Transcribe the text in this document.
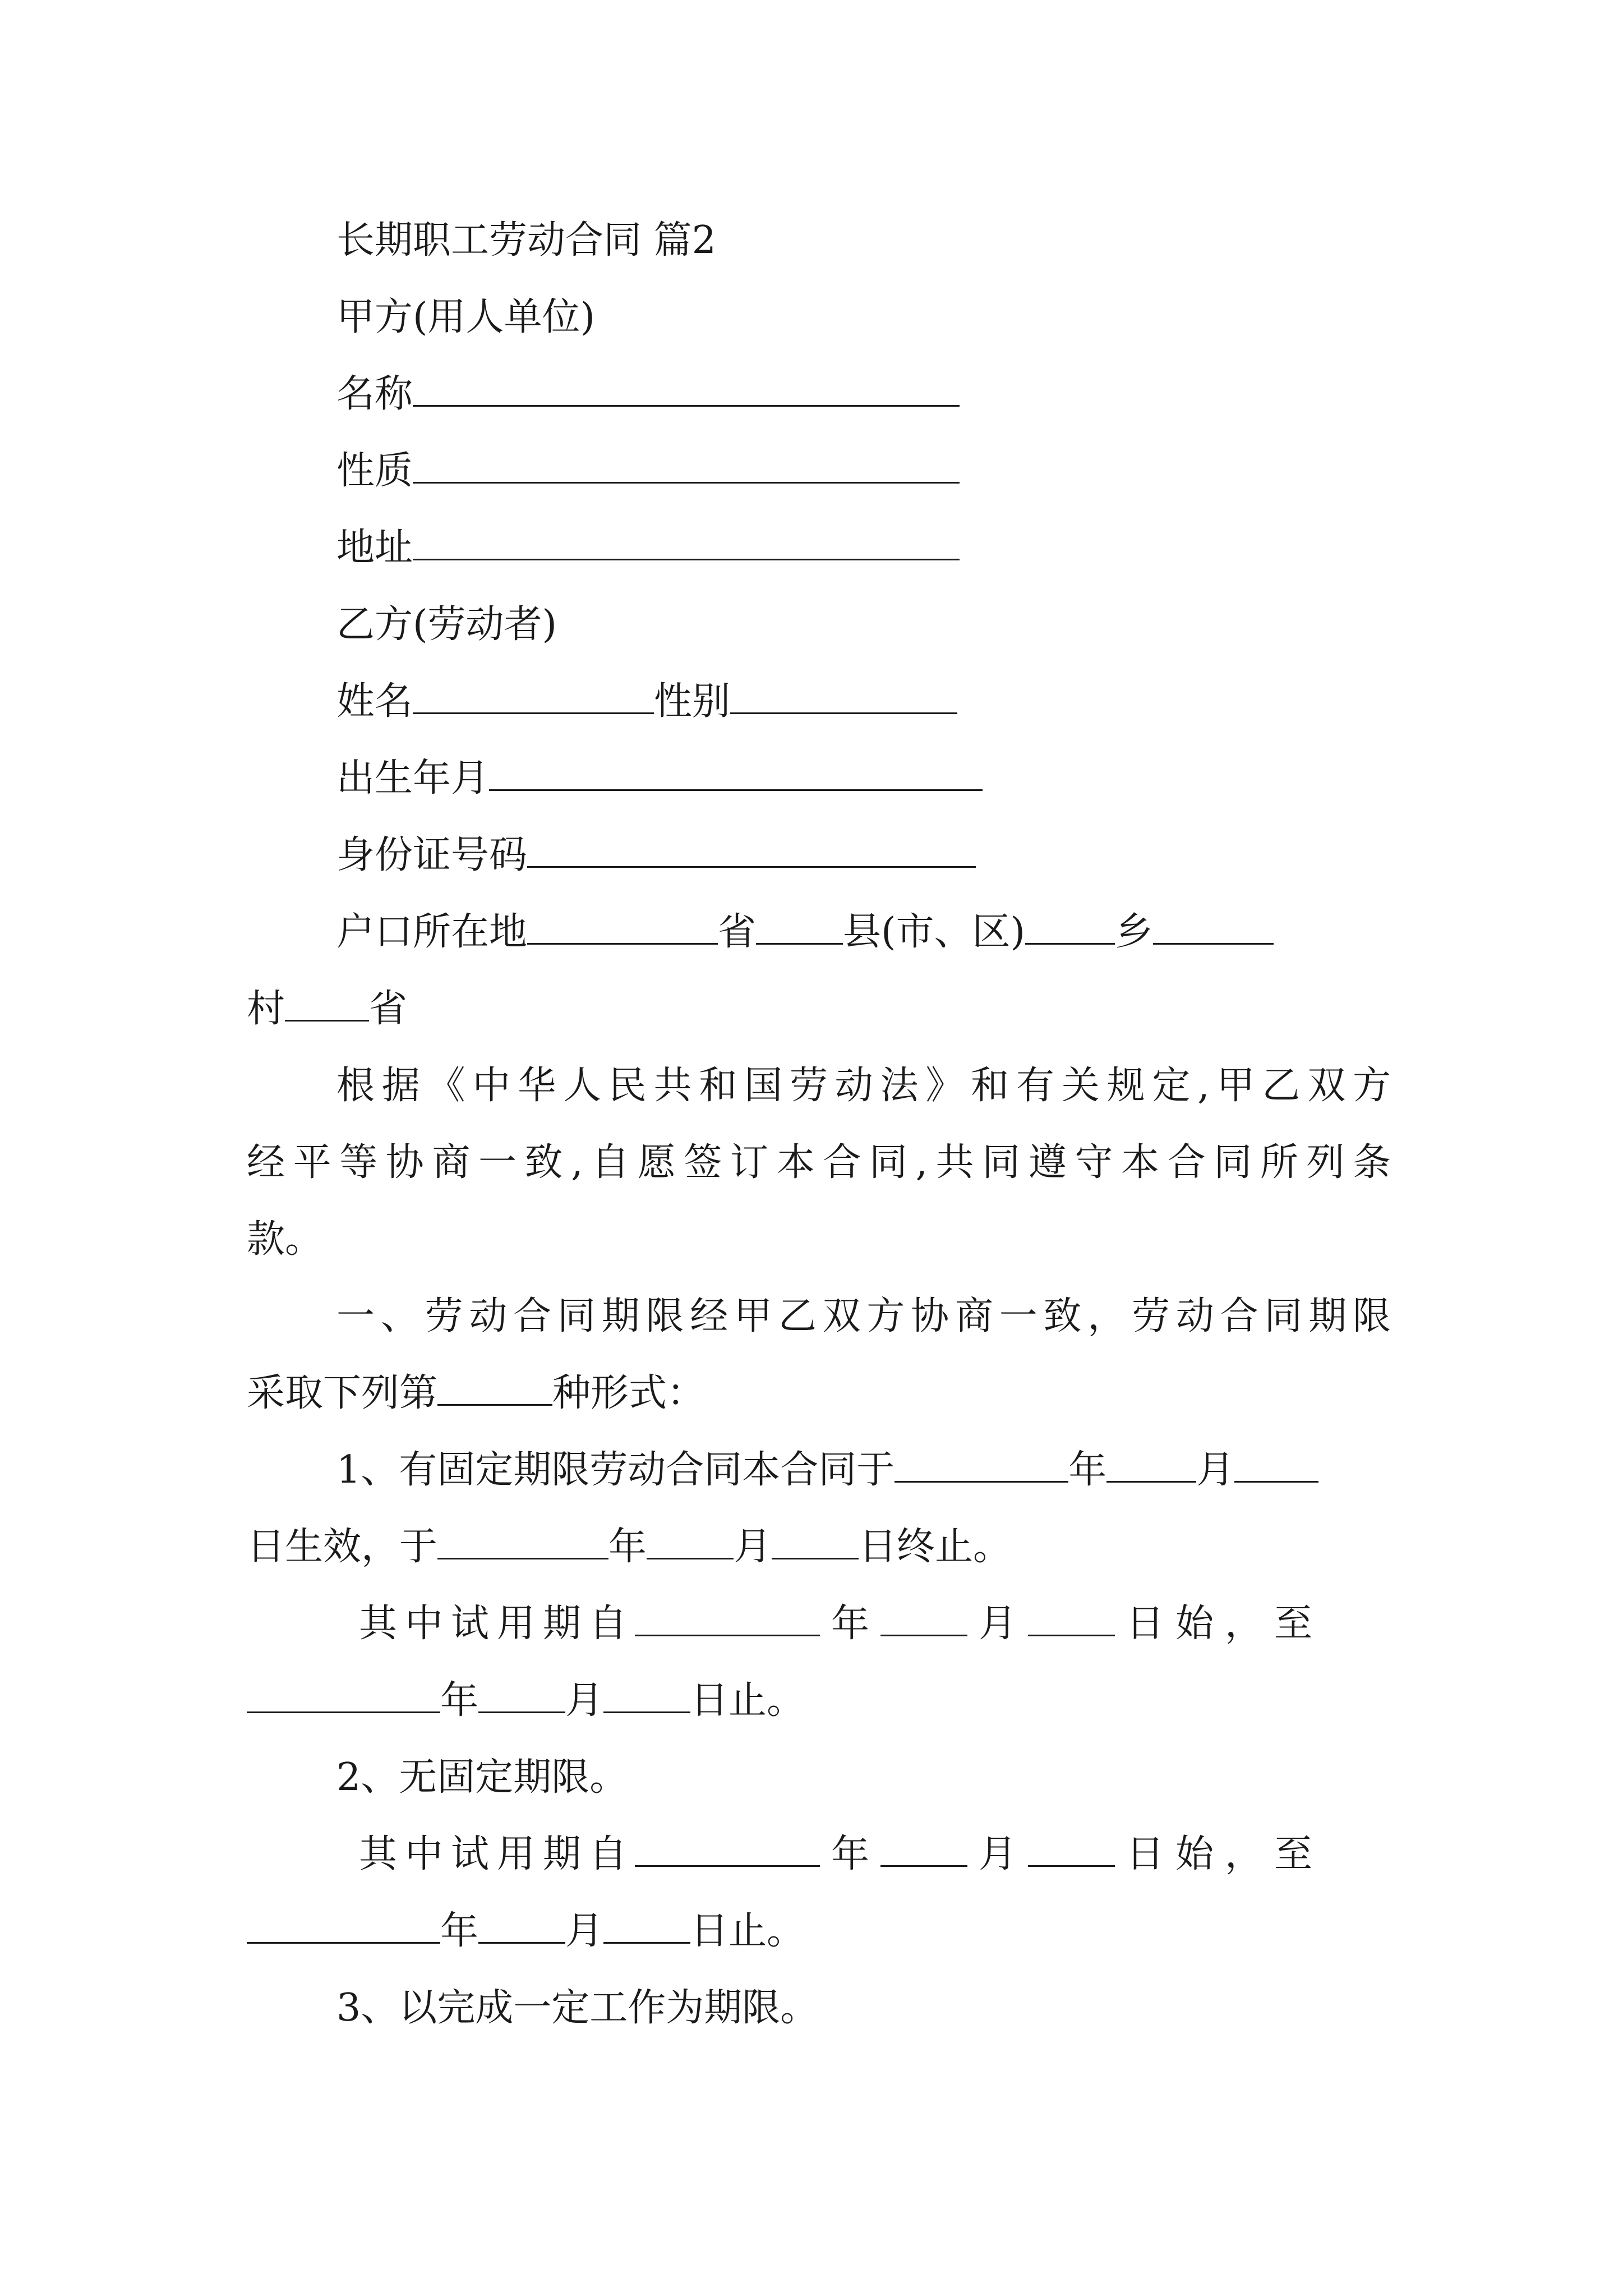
长期职工劳动合同 篇2
甲方(用人单位)
名称
性质
地址
乙方(劳动者)
姓名	性别
出生年月
身份证号码
户口所在地	省 县(市、区) 乡
村 省
根据《中华人民共和国劳动法》和有关规定,甲乙双方
经平等协商一致,自愿签订本合同,共同遵守本合同所列条
款。
一、劳动合同期限经甲乙双方协商一致，劳动合同期限
采取下列第	种形式：
1、有固定期限劳动合同本合同于	年 月
日生效，于	年 月 日终止。
其中试用期自	年	月	日始，至
年 月 日止。
2、无固定期限。
其中试用期自	年	月	日始，至
年 月 日止。
3、以完成一定工作为期限。
